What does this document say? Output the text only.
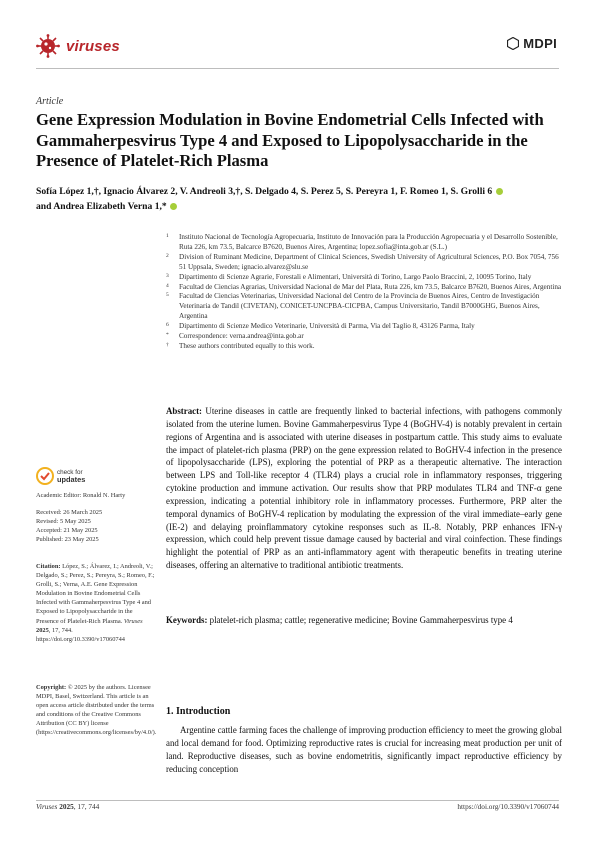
viruses	MDPI
Article
Gene Expression Modulation in Bovine Endometrial Cells Infected with Gammaherpesvirus Type 4 and Exposed to Lipopolysaccharide in the Presence of Platelet-Rich Plasma
Sofía López 1,†, Ignacio Álvarez 2, V. Andreoli 3,†, S. Delgado 4, S. Perez 5, S. Pereyra 1, F. Romeo 1, S. Grolli 6
and Andrea Elizabeth Verna 1,*
1 Instituto Nacional de Tecnología Agropecuaria, Instituto de Innovación para la Producción Agropecuaria y el Desarrollo Sostenible, Ruta 226, km 73.5, Balcarce B7620, Buenos Aires, Argentina; lopez.sofia@inta.gob.ar (S.L.)
2 Division of Ruminant Medicine, Department of Clinical Sciences, Swedish University of Agricultural Sciences, P.O. Box 7054, 756 51 Uppsala, Sweden; ignacio.alvarez@slu.se
3 Dipartimento di Scienze Agrarie, Forestali e Alimentari, Università di Torino, Largo Paolo Braccini, 2, 10095 Torino, Italy
4 Facultad de Ciencias Agrarias, Universidad Nacional de Mar del Plata, Ruta 226, km 73.5, Balcarce B7620, Buenos Aires, Argentina
5 Facultad de Ciencias Veterinarias, Universidad Nacional del Centro de la Provincia de Buenos Aires, Centro de Investigación Veterinaria de Tandil (CIVETAN), CONICET-UNCPBA-CICPBA, Campus Universitario, Tandil B7000GHG, Buenos Aires, Argentina
6 Dipartimento di Scienze Medico Veterinarie, Università di Parma, Via del Taglio 8, 43126 Parma, Italy
* Correspondence: verna.andrea@inta.gob.ar
† These authors contributed equally to this work.
Abstract: Uterine diseases in cattle are frequently linked to bacterial infections, with pathogens commonly isolated from the uterine lumen. Bovine Gammaherpesvirus Type 4 (BoGHV-4) is notably prevalent in certain regions of Argentina and is associated with uterine diseases in postpartum cattle. This study aims to evaluate the impact of platelet-rich plasma (PRP) on the gene expression related to BoGHV-4 infection in the presence of lipopolysaccharide (LPS), exploring the potential of PRP as a therapeutic alternative. The interaction between LPS and Toll-like receptor 4 (TLR4) plays a crucial role in inflammatory responses, triggering cytokine production and immune activation. Our results show that PRP modulates TLR4 and TNF-α gene expression, indicating a potential inhibitory role in inflammatory processes. Furthermore, PRP alter the temporal dynamics of BoGHV-4 replication by modulating the expression of the viral immediate–early gene (IE-2) and delaying proinflammatory cytokine responses such as IL-8. Notably, PRP enhances IFN-γ expression, which could help prevent tissue damage caused by bacterial and viral coinfection. These findings highlight the potential of PRP as an anti-inflammatory agent with therapeutic benefits in treating uterine diseases, offering an alternative to traditional antibiotic treatments.
Keywords: platelet-rich plasma; cattle; regenerative medicine; Bovine Gammaherpesvirus type 4
check for
updates
Academic Editor: Ronald N. Harty
Received: 26 March 2025
Revised: 5 May 2025
Accepted: 21 May 2025
Published: 23 May 2025
Citation: López, S.; Álvarez, I.; Andreoli, V.; Delgado, S.; Perez, S.; Pereyra, S.; Romeo, F.; Grolli, S.; Verna, A.E. Gene Expression Modulation in Bovine Endometrial Cells Infected with Gammaherpesvirus Type 4 and Exposed to Lipopolysaccharide in the Presence of Platelet-Rich Plasma. Viruses 2025, 17, 744. https://doi.org/10.3390/v17060744
Copyright: © 2025 by the authors. Licensee MDPI, Basel, Switzerland. This article is an open access article distributed under the terms and conditions of the Creative Commons Attribution (CC BY) license (https://creativecommons.org/licenses/by/4.0/).
1. Introduction
Argentine cattle farming faces the challenge of improving production efficiency to meet the growing global and local demand for food. Optimizing reproductive rates is crucial for increasing meat production per unit of land. Reproductive diseases, such as bovine endometritis, significantly impact reproductive efficiency by reducing conception
Viruses 2025, 17, 744	https://doi.org/10.3390/v17060744
